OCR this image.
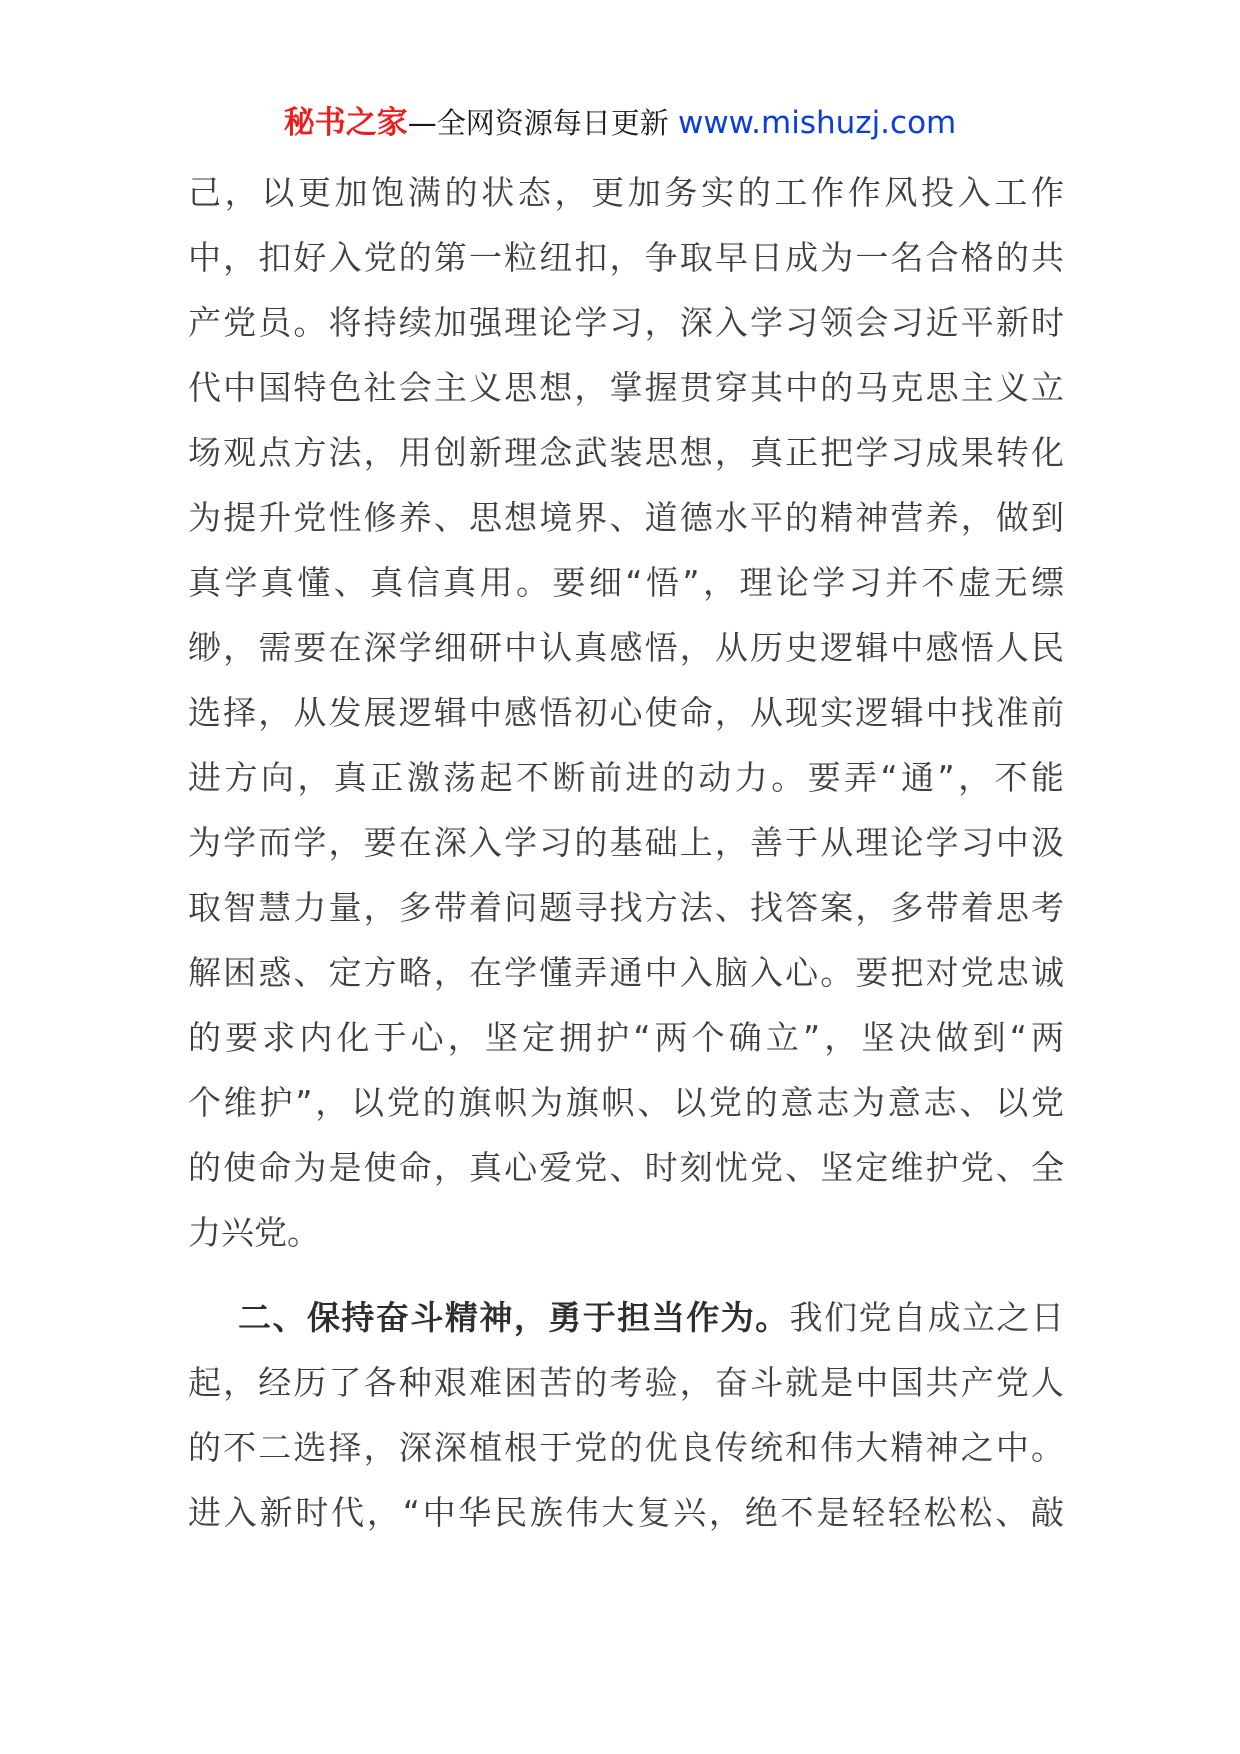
秘书之家—全网资源每日更新 www.mishuzj.com
己，以更加饱满的状态，更加务实的工作作风投入工作
中，扣好入党的第一粒纽扣，争取早日成为一名合格的共
产党员。将持续加强理论学习，深入学习领会习近平新时
代中国特色社会主义思想，掌握贯穿其中的马克思主义立
场观点方法，用创新理念武装思想，真正把学习成果转化
为提升党性修养、思想境界、道德水平的精神营养，做到
真学真懂、真信真用。要细“悟”，理论学习并不虚无缥
缈，需要在深学细研中认真感悟，从历史逻辑中感悟人民
选择，从发展逻辑中感悟初心使命，从现实逻辑中找准前
进方向，真正激荡起不断前进的动力。要弄“通”，不能
为学而学，要在深入学习的基础上，善于从理论学习中汲
取智慧力量，多带着问题寻找方法、找答案，多带着思考
解困惑、定方略，在学懂弄通中入脑入心。要把对党忠诚
的要求内化于心，坚定拥护“两个确立”，坚决做到“两
个维护”，以党的旗帜为旗帜、以党的意志为意志、以党
的使命为是使命，真心爱党、时刻忧党、坚定维护党、全
力兴党。
二、保持奋斗精神，勇于担当作为。我们党自成立之日
起，经历了各种艰难困苦的考验，奋斗就是中国共产党人
的不二选择，深深植根于党的优良传统和伟大精神之中。
进入新时代，“中华民族伟大复兴，绝不是轻轻松松、敲
